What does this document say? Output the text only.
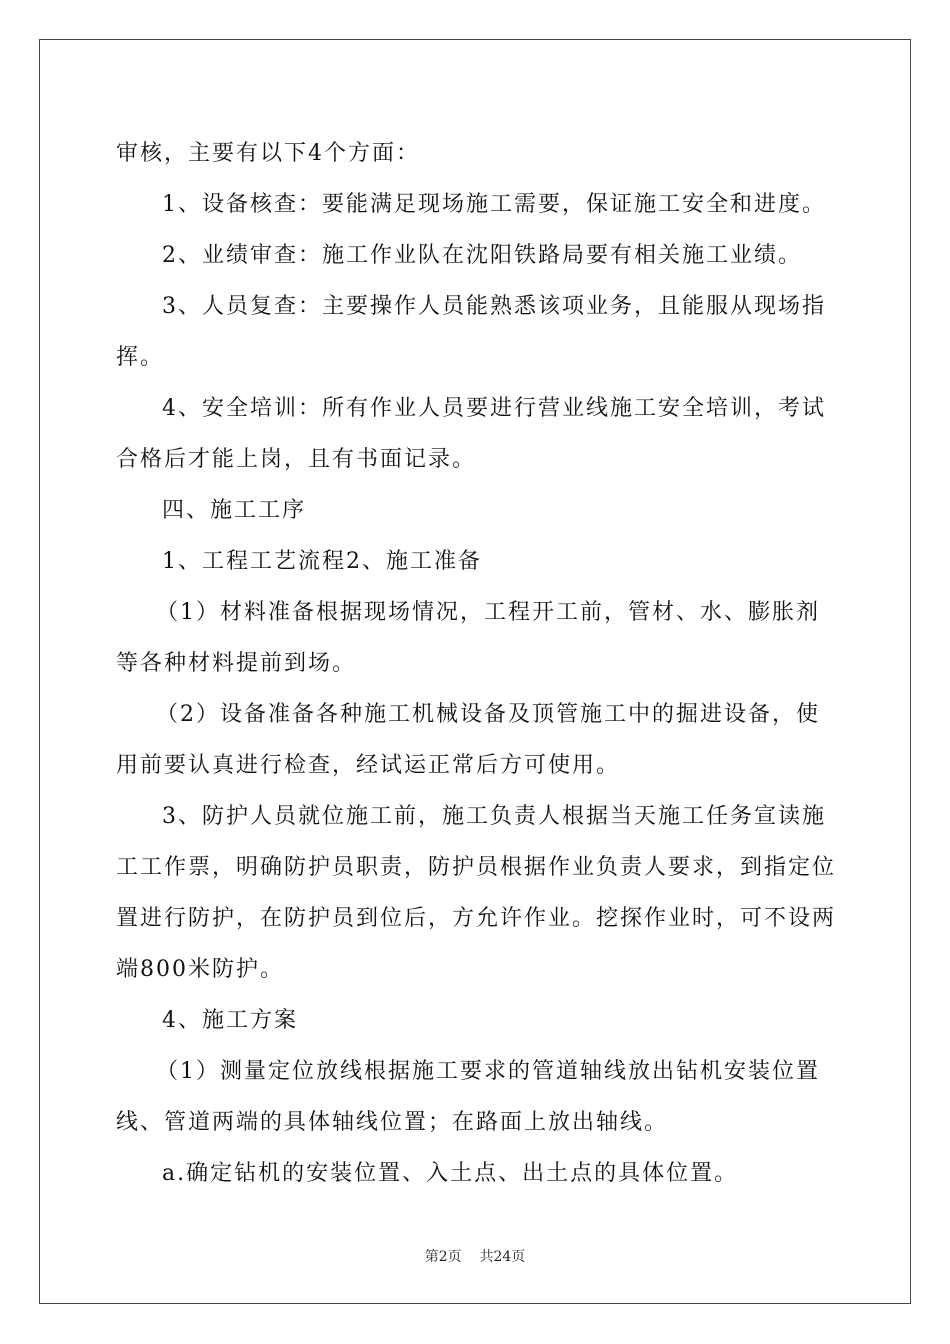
审核，主要有以下4个方面：

1、设备核查：要能满足现场施工需要，保证施工安全和进度。

2、业绩审查：施工作业队在沈阳铁路局要有相关施工业绩。

3、人员复查：主要操作人员能熟悉该项业务，且能服从现场指

挥。

4、安全培训：所有作业人员要进行营业线施工安全培训，考试

合格后才能上岗，且有书面记录。

四、施工工序

1、工程工艺流程2、施工准备

（1）材料准备根据现场情况，工程开工前，管材、水、膨胀剂

等各种材料提前到场。

（2）设备准备各种施工机械设备及顶管施工中的掘进设备，使

用前要认真进行检查，经试运正常后方可使用。

3、防护人员就位施工前，施工负责人根据当天施工任务宣读施

工工作票，明确防护员职责，防护员根据作业负责人要求，到指定位

置进行防护，在防护员到位后，方允许作业。挖探作业时，可不设两

端800米防护。

4、施工方案

（1）测量定位放线根据施工要求的管道轴线放出钻机安装位置

线、管道两端的具体轴线位置；在路面上放出轴线。

a.确定钻机的安装位置、入土点、出土点的具体位置。

第2页 共24页
